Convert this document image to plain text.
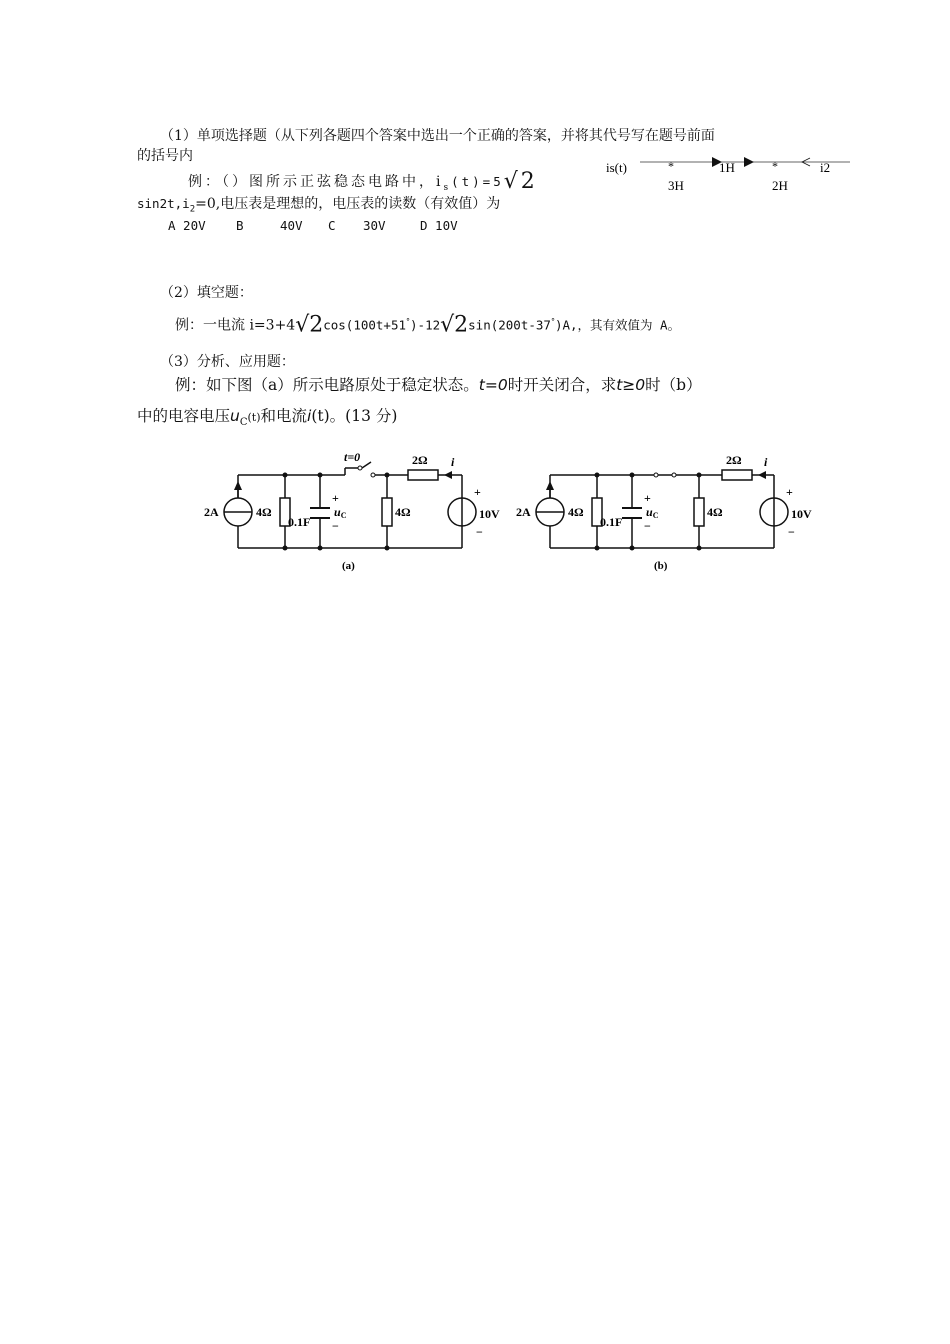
（1）单项选择题（从下列各题四个答案中选出一个正确的答案，并将其代号写在题号前面
的括号内
例：（）图所示正弦稳态电路中，$i_s(t)=5√2$
$\sin 2t,i_2=0$,电压表是理想的，电压表的读数（有效值）为
A 20V B	40V C 30V	D 10V
is(t)	*	1H	*	i2
3H	2H
（2）填空题：
例：一电流 i=3+4√2cos(100t+51°)-12√2sin(200t-37°)A,，其有效值为 A。
（3）分析、应用题：
例：如下图（a）所示电路原处于稳定状态。t=0时开关闭合，求t≥0时（b）
中的电容电压$u_C(t)$和电流i(t)。(13 分)
t=0	2Ω i
2A	4Ω
0.1F
+
uC
−
4Ω
+
10V
−
(a)
2Ω i
2A	4Ω
0.1F
+
uC
−
4Ω
+
10V
−
(b)
